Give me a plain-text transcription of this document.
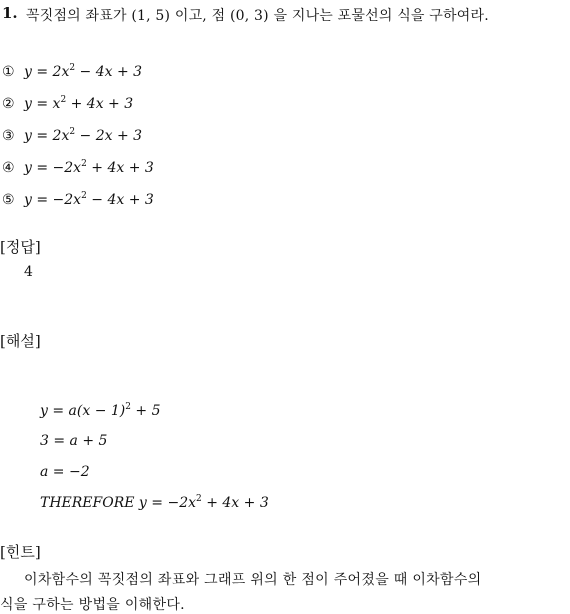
1. 꼭짓점의 좌표가 (1, 5) 이고, 점 (0, 3) 을 지나는 포물선의 식을 구하여라.
① $y = 2x^2 - 4x + 3$
② $y = x^2 + 4x + 3$
③ $y = 2x^2 - 2x + 3$
④ $y = -2x^2 + 4x + 3$
⑤ $y = -2x^2 - 4x + 3$
[정답]
4
[해설]
$y = a(x - 1)^2 + 5$
3 = a + 5
a = −2
THEREFORE $y = -2x^2 + 4x + 3$
[힌트]
이차함수의 꼭짓점의 좌표와 그래프 위의 한 점이 주어졌을 때 이차함수의
식을 구하는 방법을 이해한다.
